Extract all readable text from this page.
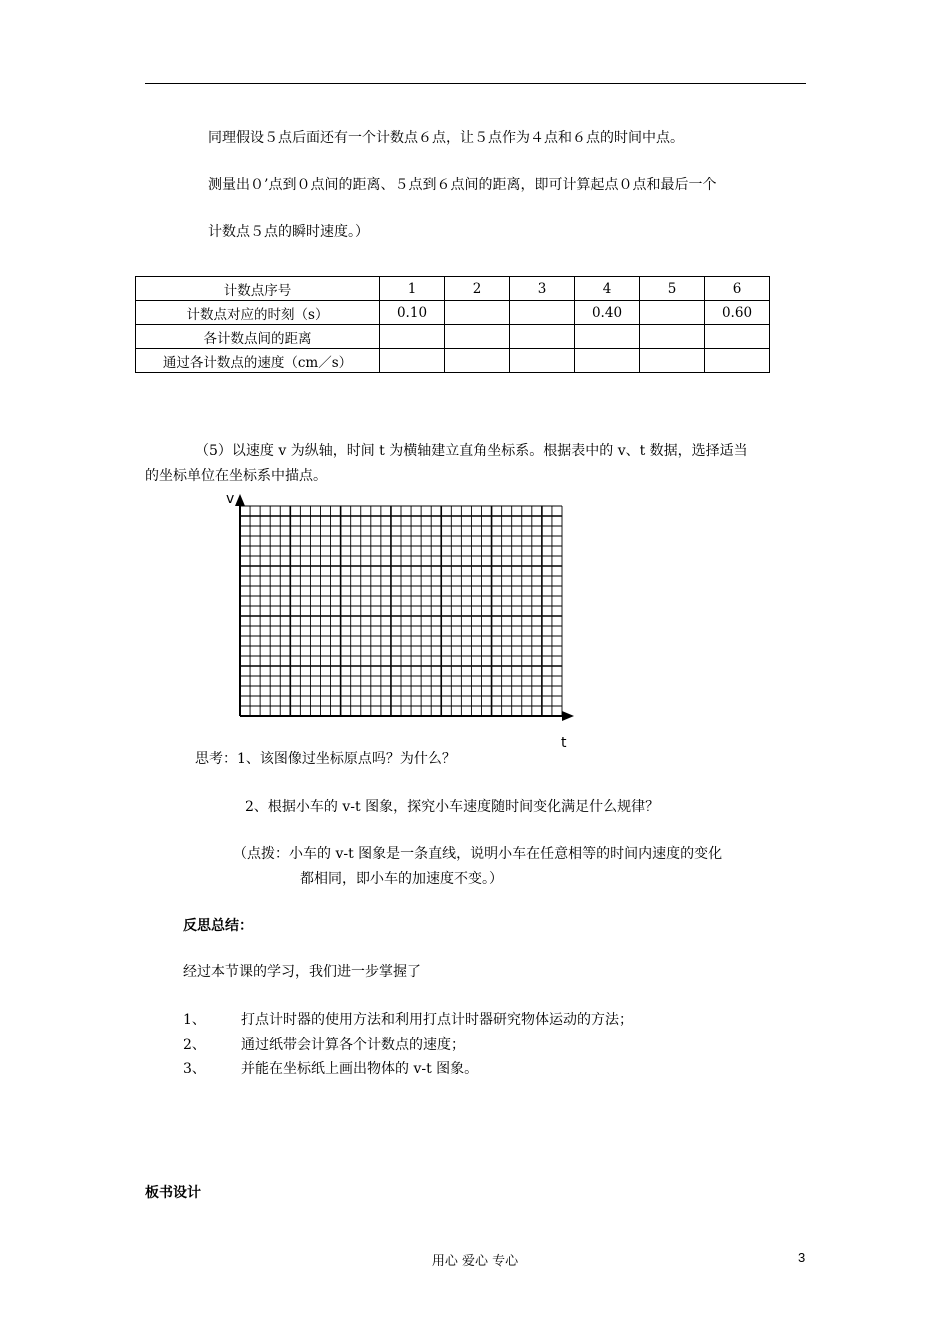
同理假设５点后面还有一个计数点６点，让５点作为４点和６点的时间中点。
测量出０’点到０点间的距离、５点到６点间的距离，即可计算起点０点和最后一个
计数点５点的瞬时速度。）
计数点序号	1	2	3	4	5	6
计数点对应的时刻（s）	0.10			0.40		0.60
各计数点间的距离						
通过各计数点的速度（cm／s）						
（5）以速度 v 为纵轴，时间 t 为横轴建立直角坐标系。根据表中的 v、t 数据，选择适当
的坐标单位在坐标系中描点。
v
t
思考：1、该图像过坐标原点吗？为什么？
2、根据小车的 v-t 图象，探究小车速度随时间变化满足什么规律？
（点拨：小车的 v-t 图象是一条直线，说明小车在任意相等的时间内速度的变化
都相同，即小车的加速度不变。）
反思总结：
经过本节课的学习，我们进一步掌握了
1、	打点计时器的使用方法和利用打点计时器研究物体运动的方法；
2、	通过纸带会计算各个计数点的速度；
3、	并能在坐标纸上画出物体的 v-t 图象。
板书设计
用心 爱心 专心	3
